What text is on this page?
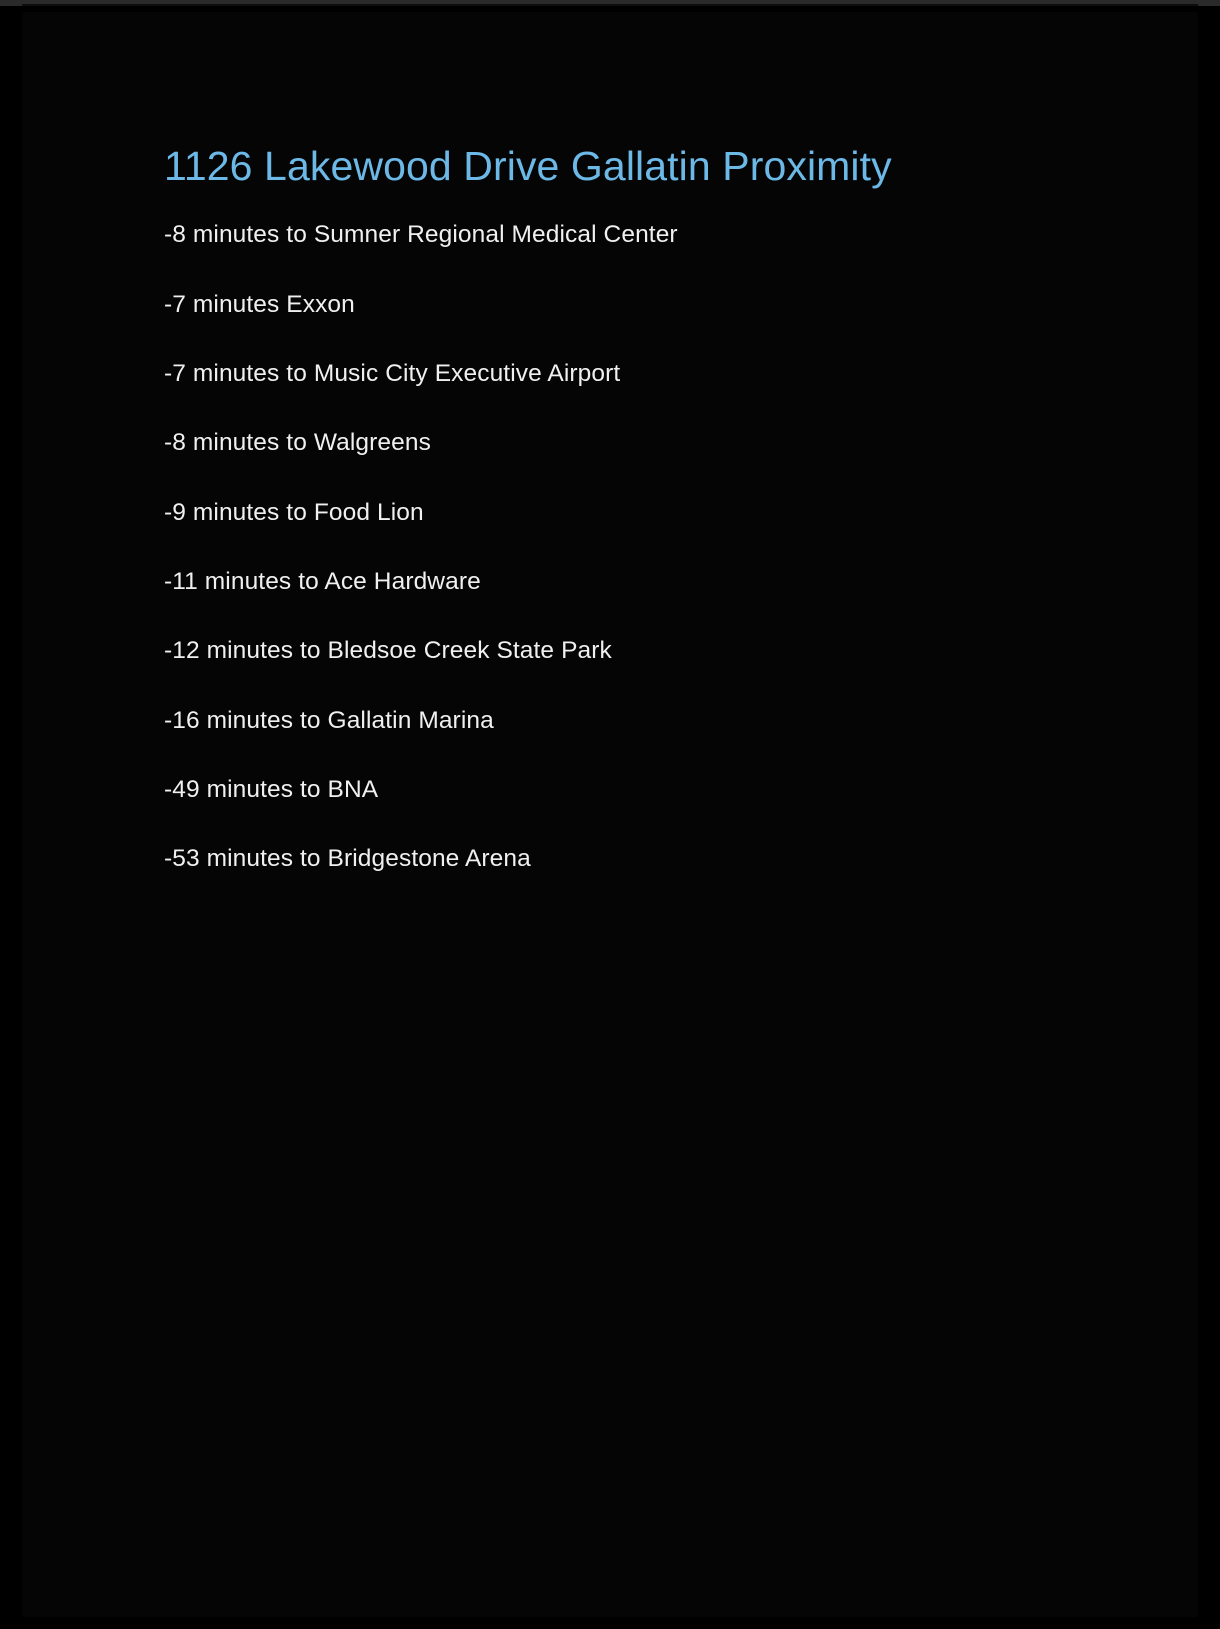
1126 Lakewood Drive Gallatin Proximity
-8 minutes to Sumner Regional Medical Center
-7 minutes Exxon
-7 minutes to Music City Executive Airport
-8 minutes to Walgreens
-9 minutes to Food Lion
-11 minutes to Ace Hardware
-12 minutes to Bledsoe Creek State Park
-16 minutes to Gallatin Marina
-49 minutes to BNA
-53 minutes to Bridgestone Arena
